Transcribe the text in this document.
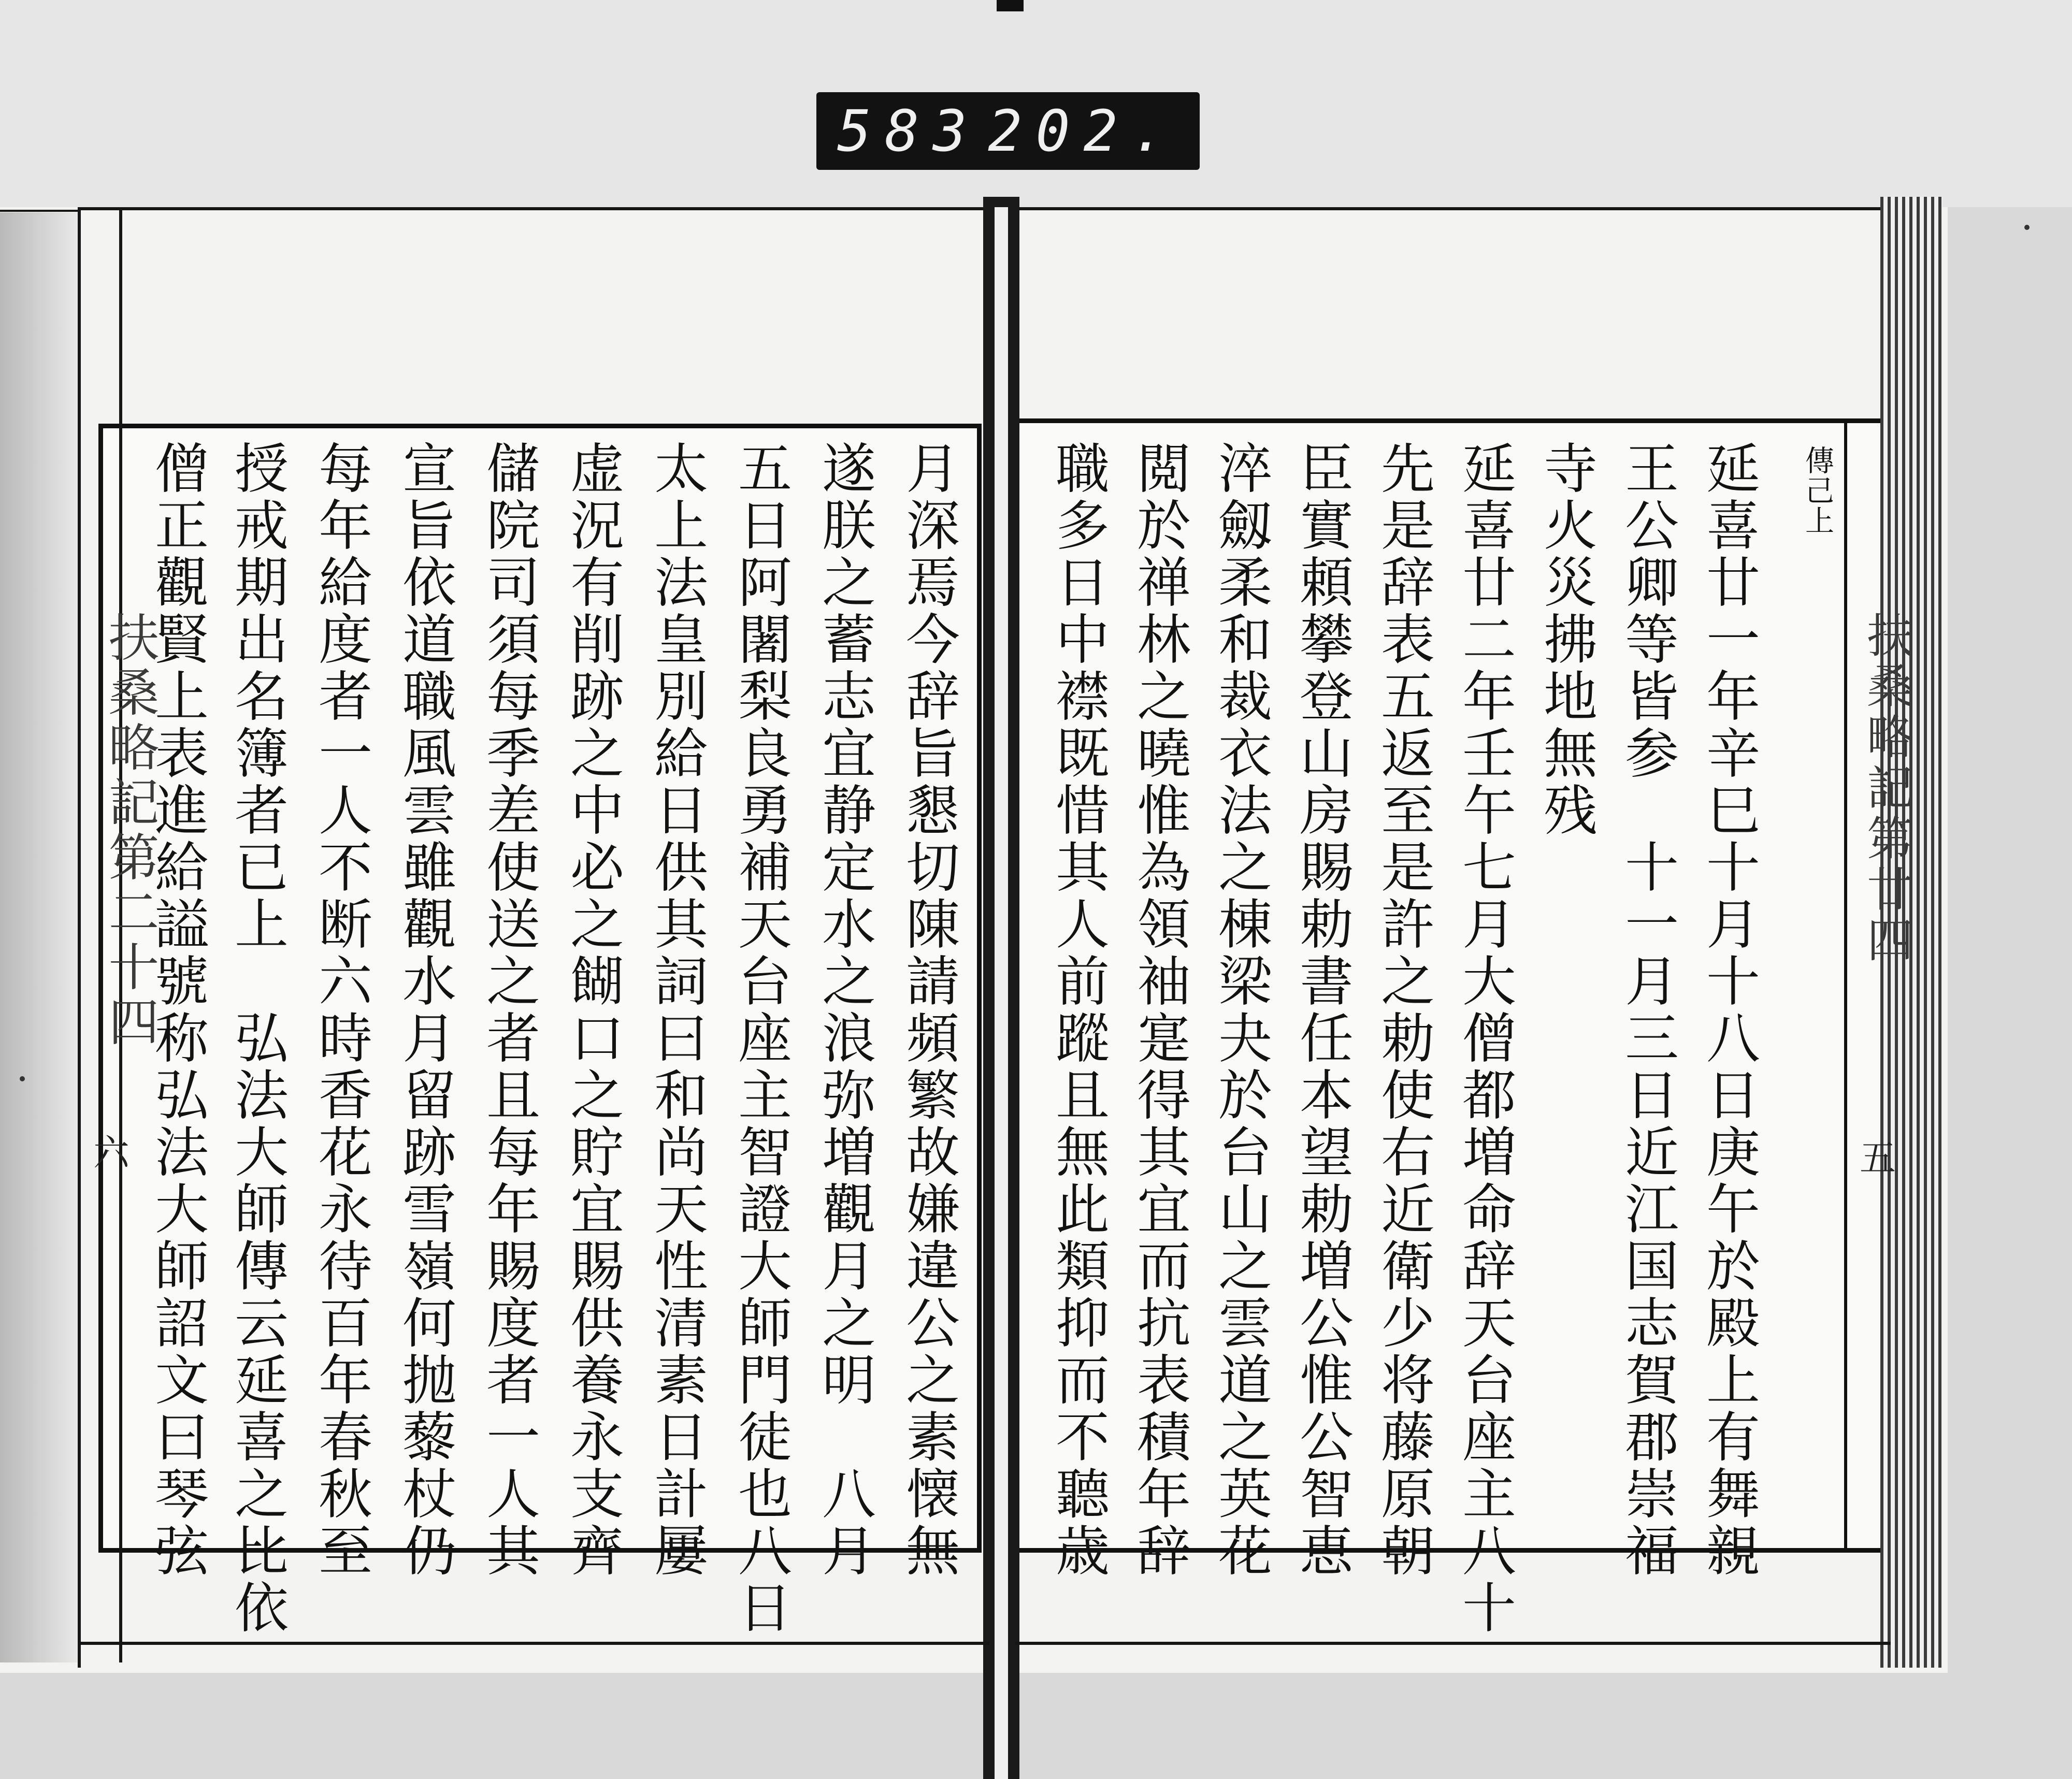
583 202.
月深焉今辞旨懇切陳請頻繁故嫌違公之素懐無
遂朕之蓄志宜静定水之浪弥増觀月之明　八月
五日阿闍梨良勇補天台座主智證大師門徒也八日
太上法皇別給日供其詞曰和尚天性清素日計屢
虚況有削跡之中必之餬口之貯宜賜供養永支齊
儲院司須每季差使送之者且每年賜度者一人其
宣旨依道職風雲雖觀水月留跡雪嶺何抛藜杖仍
每年給度者一人不断六時香花永待百年春秋至
授戒期出名簿者已上　弘法大師傳云延喜之比依
僧正觀賢上表進給謚號称弘法大師詔文曰琴弦
扶桑略記第二十四
傳己上
延喜廿一年辛巳十月十八日庚午於殿上有舞親
王公卿等皆参　十一月三日近江国志賀郡崇福
寺火災拂地無残
延喜廿二年壬午七月大僧都増命辞天台座主八十
先是辞表五返至是許之勅使右近衛少将藤原朝
臣實頼攀登山房賜勅書任本望勅増公惟公智恵
淬劔柔和裁衣法之棟梁夬於台山之雲道之英花
閲於禅林之曉惟為領袖寔得其宜而抗表積年辞
職多日中襟既惜其人前蹤且無此類抑而不聽歳	扶桑略記第廿四
五
六
